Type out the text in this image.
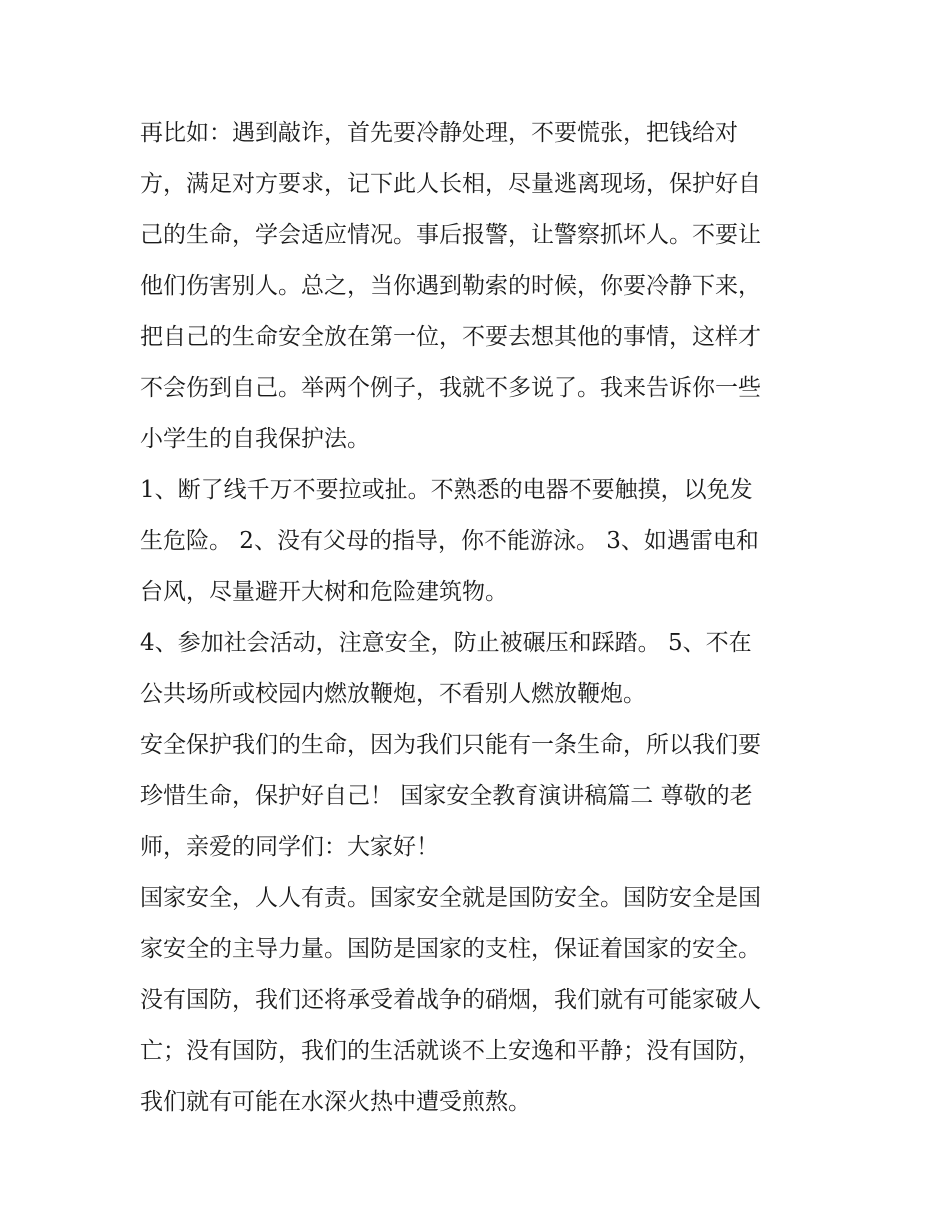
再比如：遇到敲诈，首先要冷静处理，不要慌张，把钱给对
方，满足对方要求，记下此人长相，尽量逃离现场，保护好自
己的生命，学会适应情况。事后报警，让警察抓坏人。不要让
他们伤害别人。总之，当你遇到勒索的时候，你要冷静下来，
把自己的生命安全放在第一位，不要去想其他的事情，这样才
不会伤到自己。举两个例子，我就不多说了。我来告诉你一些
小学生的自我保护法。
1、断了线千万不要拉或扯。不熟悉的电器不要触摸，以免发
生危险。 2、没有父母的指导，你不能游泳。 3、如遇雷电和
台风，尽量避开大树和危险建筑物。
4、参加社会活动，注意安全，防止被碾压和踩踏。 5、不在
公共场所或校园内燃放鞭炮，不看别人燃放鞭炮。
安全保护我们的生命，因为我们只能有一条生命，所以我们要
珍惜生命，保护好自己！ 国家安全教育演讲稿篇二 尊敬的老
师，亲爱的同学们：大家好！
国家安全，人人有责。国家安全就是国防安全。国防安全是国
家安全的主导力量。国防是国家的支柱，保证着国家的安全。
没有国防，我们还将承受着战争的硝烟，我们就有可能家破人
亡；没有国防，我们的生活就谈不上安逸和平静；没有国防，
我们就有可能在水深火热中遭受煎熬。
